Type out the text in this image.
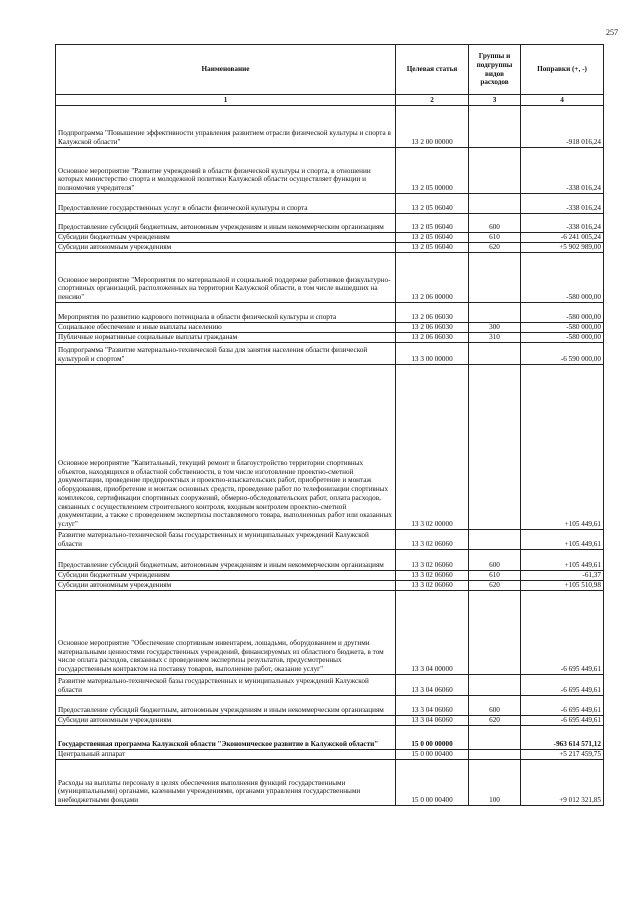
257
Наименование	Целевая статья	Группы и подгруппы видов расходов	Поправки (+, -)
1	2	3	4
Подпрограмма "Повышение эффективности управления развитием отрасли физической культуры и спорта в Калужской области"	13 2 00 00000		-918 016,24
Основное мероприятие "Развитие учреждений в области физической культуры и спорта, в отношении которых министерство спорта и молодежной политики Калужской области осуществляет функции и полномочия учредителя"	13 2 05 00000		-338 016,24
Предоставление государственных услуг в области физической культуры и спорта	13 2 05 06040		-338 016,24
Предоставление субсидий бюджетным, автономным учреждениям и иным некоммерческим организациям	13 2 05 06040	600	-338 016,24
Субсидии бюджетным учреждениям	13 2 05 06040	610	-6 241 005,24
Субсидии автономным учреждениям	13 2 05 06040	620	+5 902 989,00
Основное мероприятие "Мероприятия по материальной и социальной поддержке работников физкультурно-спортивных организаций, расположенных на территории Калужской области, в том числе вышедших на пенсию"	13 2 06 00000		-580 000,00
Мероприятия по развитию кадрового потенциала в области физической культуры и спорта	13 2 06 06030		-580 000,00
Социальное обеспечение и иные выплаты населению	13 2 06 06030	300	-580 000,00
Публичные нормативные социальные выплаты гражданам	13 2 06 06030	310	-580 000,00
Подпрограмма "Развитие материально-технической базы для занятия населения области физической культурой и спортом"	13 3 00 00000		-6 590 000,00
Основное мероприятие "Капитальный, текущий ремонт и благоустройство территории спортивных объектов, находящихся в областной собственности, в том числе изготовление проектно-сметной документации, проведение предпроектных и проектно-изыскательских работ, приобретение и монтаж оборудования, приобретение и монтаж основных средств, проведение работ по телефонизации спортивных комплексов, сертификации спортивных сооружений, обмерно-обследовательских работ, оплата расходов, связанных с осуществлением строительного контроля, входным контролем проектно-сметной документации, а также с проведением экспертизы поставляемого товара, выполненных работ или оказанных услуг"	13 3 02 00000		+105 449,61
Развитие материально-технической базы государственных и муниципальных учреждений Калужской области	13 3 02 06060		+105 449,61
Предоставление субсидий бюджетным, автономным учреждениям и иным некоммерческим организациям	13 3 02 06060	600	+105 449,61
Субсидии бюджетным учреждениям	13 3 02 06060	610	-61,37
Субсидии автономным учреждениям	13 3 02 06060	620	+105 510,98
Основное мероприятие "Обеспечение спортивным инвентарем, лошадьми, оборудованием и другими материальными ценностями государственных учреждений, финансируемых из областного бюджета, в том числе оплата расходов, связанных с проведением экспертизы результатов, предусмотренных государственным контрактом на поставку товаров, выполнение работ, оказание услуг"	13 3 04 00000		-6 695 449,61
Развитие материально-технической базы государственных и муниципальных учреждений Калужской области	13 3 04 06060		-6 695 449,61
Предоставление субсидий бюджетным, автономным учреждениям и иным некоммерческим организациям	13 3 04 06060	600	-6 695 449,61
Субсидии автономным учреждениям	13 3 04 06060	620	-6 695 449,61
Государственная программа Калужской области "Экономическое развитие в Калужской области"	15 0 00 00000		-963 614 571,12
Центральный аппарат	15 0 00 00400		+5 217 459,75
Расходы на выплаты персоналу в целях обеспечения выполнения функций государственными (муниципальными) органами, казенными учреждениями, органами управления государственными внебюджетными фондами	15 0 00 00400	100	+9 012 321,85
